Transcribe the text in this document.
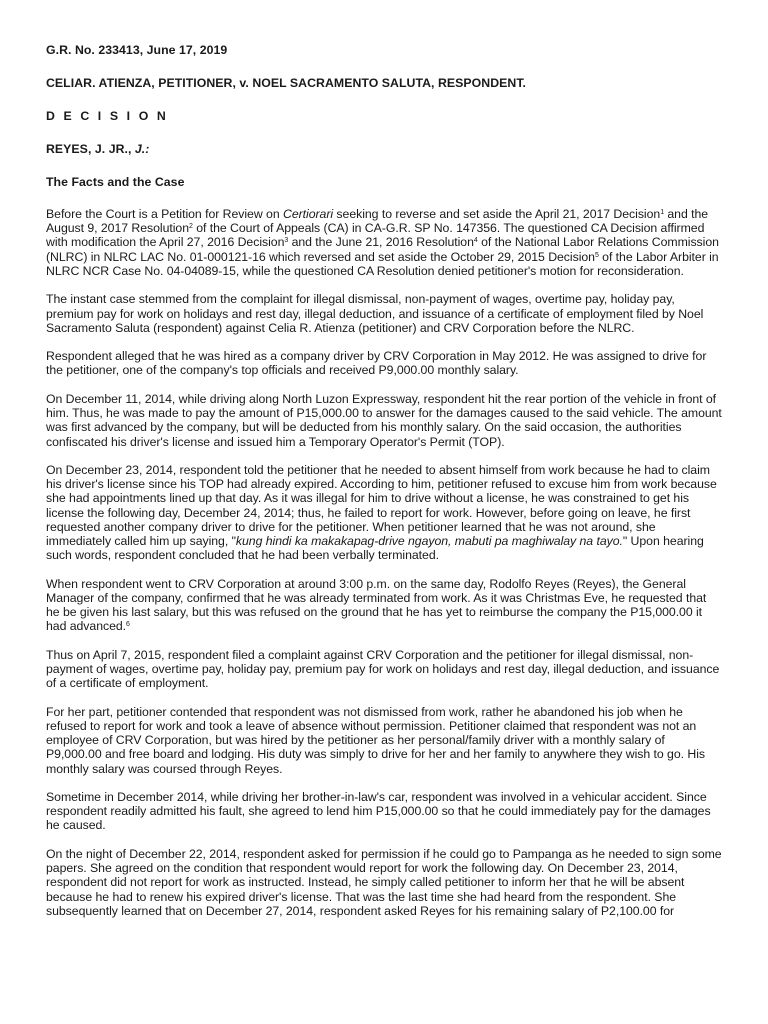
G.R. No. 233413, June 17, 2019

CELIAR. ATIENZA, PETITIONER, v. NOEL SACRAMENTO SALUTA, RESPONDENT.

D E C I S I O N

REYES, J. JR., J.:

The Facts and the Case

Before the Court is a Petition for Review on Certiorari seeking to reverse and set aside the April 21, 2017 Decision$^1$ and the August 9, 2017 Resolution$^2$ of the Court of Appeals (CA) in CA-G.R. SP No. 147356. The questioned CA Decision affirmed with modification the April 27, 2016 Decision$^3$ and the June 21, 2016 Resolution$^4$ of the National Labor Relations Commission (NLRC) in NLRC LAC No. 01-000121-16 which reversed and set aside the October 29, 2015 Decision$^5$ of the Labor Arbiter in NLRC NCR Case No. 04-04089-15, while the questioned CA Resolution denied petitioner's motion for reconsideration.

The instant case stemmed from the complaint for illegal dismissal, non-payment of wages, overtime pay, holiday pay, premium pay for work on holidays and rest day, illegal deduction, and issuance of a certificate of employment filed by Noel Sacramento Saluta (respondent) against Celia R. Atienza (petitioner) and CRV Corporation before the NLRC.

Respondent alleged that he was hired as a company driver by CRV Corporation in May 2012. He was assigned to drive for the petitioner, one of the company's top officials and received P9,000.00 monthly salary.

On December 11, 2014, while driving along North Luzon Expressway, respondent hit the rear portion of the vehicle in front of him. Thus, he was made to pay the amount of P15,000.00 to answer for the damages caused to the said vehicle. The amount was first advanced by the company, but will be deducted from his monthly salary. On the said occasion, the authorities confiscated his driver's license and issued him a Temporary Operator's Permit (TOP).

On December 23, 2014, respondent told the petitioner that he needed to absent himself from work because he had to claim his driver's license since his TOP had already expired. According to him, petitioner refused to excuse him from work because she had appointments lined up that day. As it was illegal for him to drive without a license, he was constrained to get his license the following day, December 24, 2014; thus, he failed to report for work. However, before going on leave, he first requested another company driver to drive for the petitioner. When petitioner learned that he was not around, she immediately called him up saying, "kung hindi ka makakapag-drive ngayon, mabuti pa maghiwalay na tayo." Upon hearing such words, respondent concluded that he had been verbally terminated.

When respondent went to CRV Corporation at around 3:00 p.m. on the same day, Rodolfo Reyes (Reyes), the General Manager of the company, confirmed that he was already terminated from work. As it was Christmas Eve, he requested that he be given his last salary, but this was refused on the ground that he has yet to reimburse the company the P15,000.00 it had advanced.$^6$

Thus on April 7, 2015, respondent filed a complaint against CRV Corporation and the petitioner for illegal dismissal, non-payment of wages, overtime pay, holiday pay, premium pay for work on holidays and rest day, illegal deduction, and issuance of a certificate of employment.

For her part, petitioner contended that respondent was not dismissed from work, rather he abandoned his job when he refused to report for work and took a leave of absence without permission. Petitioner claimed that respondent was not an employee of CRV Corporation, but was hired by the petitioner as her personal/family driver with a monthly salary of P9,000.00 and free board and lodging. His duty was simply to drive for her and her family to anywhere they wish to go. His monthly salary was coursed through Reyes.

Sometime in December 2014, while driving her brother-in-law's car, respondent was involved in a vehicular accident. Since respondent readily admitted his fault, she agreed to lend him P15,000.00 so that he could immediately pay for the damages he caused.

On the night of December 22, 2014, respondent asked for permission if he could go to Pampanga as he needed to sign some papers. She agreed on the condition that respondent would report for work the following day. On December 23, 2014, respondent did not report for work as instructed. Instead, he simply called petitioner to inform her that he will be absent because he had to renew his expired driver's license. That was the last time she had heard from the respondent. She subsequently learned that on December 27, 2014, respondent asked Reyes for his remaining salary of P2,100.00 for
